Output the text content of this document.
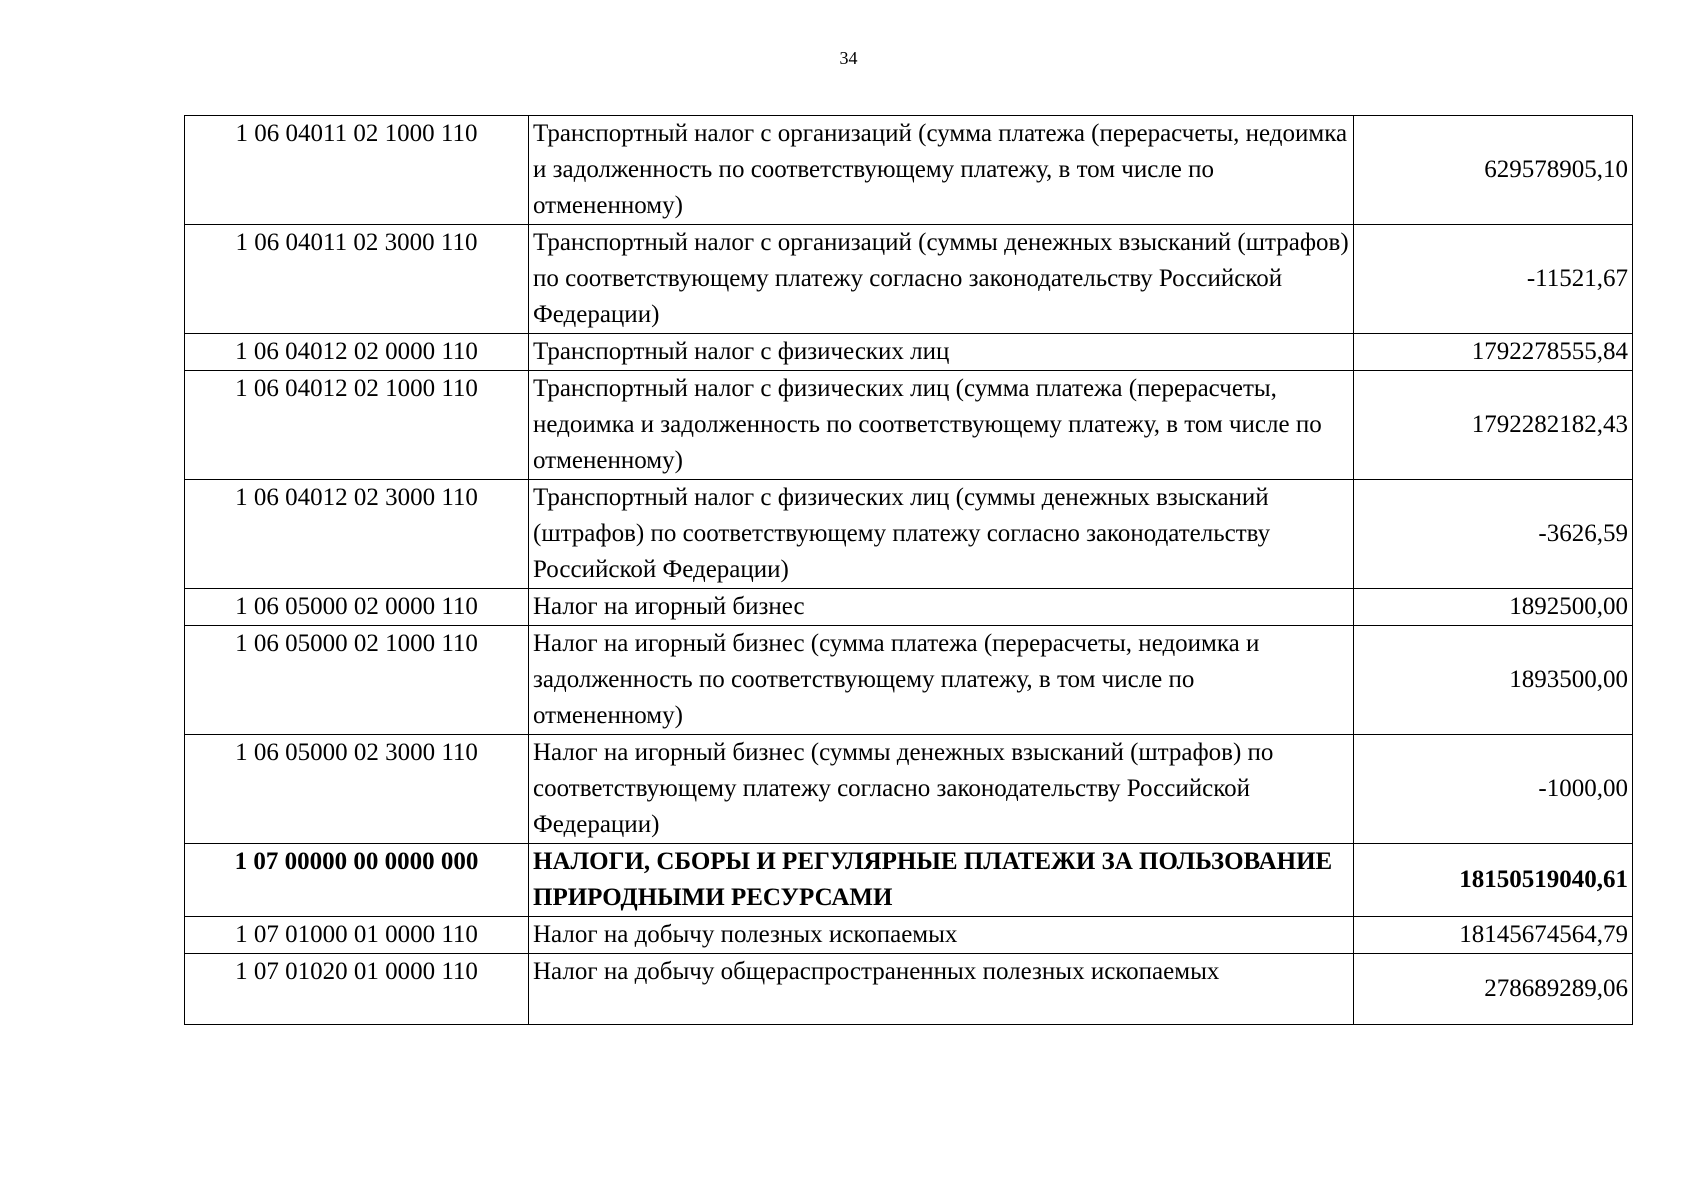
34
1 06 04011 02 1000 110	Транспортный налог с организаций (сумма платежа (перерасчеты, недоимка и задолженность по соответствующему платежу, в том числе по отмененному)	629578905,10
1 06 04011 02 3000 110	Транспортный налог с организаций (суммы денежных взысканий (штрафов) по соответствующему платежу согласно законодательству Российской Федерации)	-11521,67
1 06 04012 02 0000 110	Транспортный налог с физических лиц	1792278555,84
1 06 04012 02 1000 110	Транспортный налог с физических лиц (сумма платежа (перерасчеты, недоимка и задолженность по соответствующему платежу, в том числе по отмененному)	1792282182,43
1 06 04012 02 3000 110	Транспортный налог с физических лиц (суммы денежных взысканий (штрафов) по соответствующему платежу согласно законодательству Российской Федерации)	-3626,59
1 06 05000 02 0000 110	Налог на игорный бизнес	1892500,00
1 06 05000 02 1000 110	Налог на игорный бизнес (сумма платежа (перерасчеты, недоимка и задолженность по соответствующему платежу, в том числе по отмененному)	1893500,00
1 06 05000 02 3000 110	Налог на игорный бизнес (суммы денежных взысканий (штрафов) по соответствующему платежу согласно законодательству Российской Федерации)	-1000,00
1 07 00000 00 0000 000	НАЛОГИ, СБОРЫ И РЕГУЛЯРНЫЕ ПЛАТЕЖИ ЗА ПОЛЬЗОВАНИЕ ПРИРОДНЫМИ РЕСУРСАМИ	18150519040,61
1 07 01000 01 0000 110	Налог на добычу полезных ископаемых	18145674564,79
1 07 01020 01 0000 110	Налог на добычу общераспространенных полезных ископаемых	278689289,06
